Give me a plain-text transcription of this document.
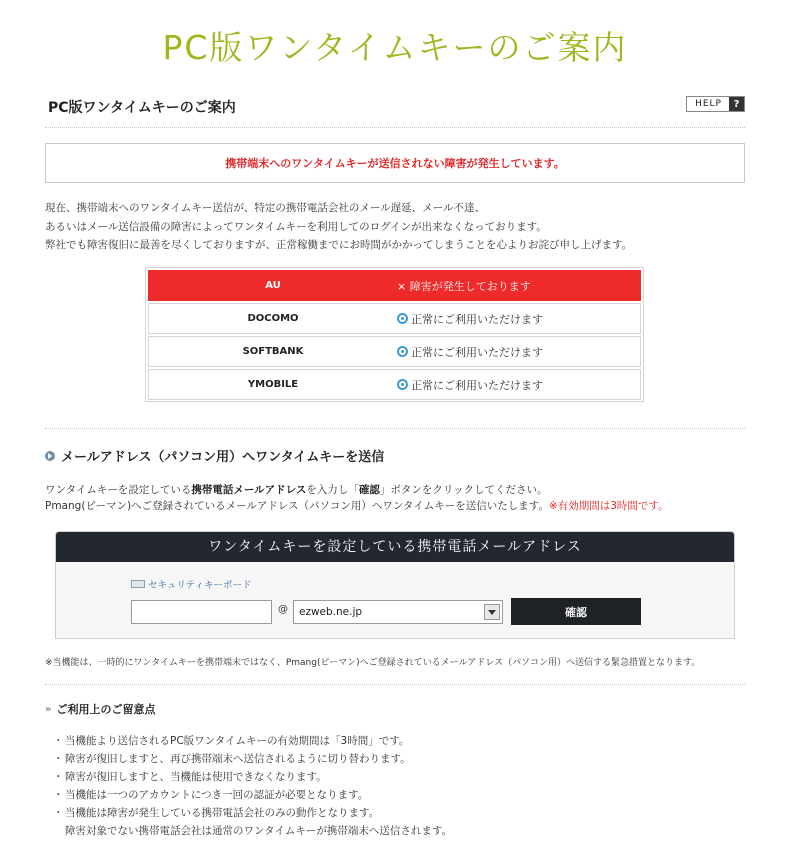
PC版ワンタイムキーのご案内
PC版ワンタイムキーのご案内	HELP	?
携帯端末へのワンタイムキーが送信されない障害が発生しています。
現在、携帯端末へのワンタイムキー送信が、特定の携帯電話会社のメール遅延、メール不達、
あるいはメール送信設備の障害によってワンタイムキーを利用してのログインが出来なくなっております。
弊社でも障害復旧に最善を尽くしておりますが、正常稼働までにお時間がかかってしまうことを心よりお詫び申し上げます。
AU	× 障害が発生しております
DOCOMO	正常にご利用いただけます
SOFTBANK	正常にご利用いただけます
YMOBILE	正常にご利用いただけます
メールアドレス（パソコン用）へワンタイムキーを送信
ワンタイムキーを設定している携帯電話メールアドレスを入力し「確認」ボタンをクリックしてください。
Pmang(ピーマン)へご登録されているメールアドレス（パソコン用）へワンタイムキーを送信いたします。※有効期間は3時間です。
ワンタイムキーを設定している携帯電話メールアドレス
セキュリティキーボード
@ ezweb.ne.jp	確認
※当機能は、一時的にワンタイムキーを携帯端末ではなく、Pmang(ピーマン)へご登録されているメールアドレス（パソコン用）へ送信する緊急措置となります。
» ご利用上のご留意点
・ 当機能より送信されるPC版ワンタイムキーの有効期間は「3時間」です。
・ 障害が復旧しますと、再び携帯端末へ送信されるように切り替わります。
・ 障害が復旧しますと、当機能は使用できなくなります。
・ 当機能は一つのアカウントにつき一回の認証が必要となります。
・ 当機能は障害が発生している携帯電話会社のみの動作となります。
障害対象でない携帯電話会社は通常のワンタイムキーが携帯端末へ送信されます。
